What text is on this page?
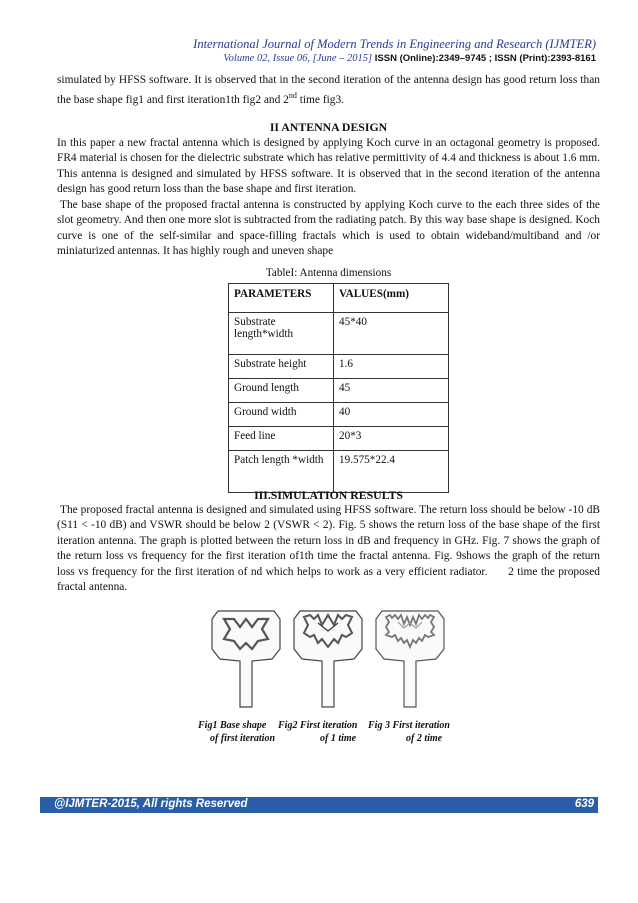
International Journal of Modern Trends in Engineering and Research (IJMTER)
Volume 02, Issue 06, [June – 2015] ISSN (Online):2349–9745 ; ISSN (Print):2393-8161

simulated by HFSS software. It is observed that in the second iteration of the antenna design has good return loss than the base shape fig1 and first iteration1th fig2 and 2nd time fig3.

II ANTENNA DESIGN

In this paper a new fractal antenna which is designed by applying Koch curve in an octagonal geometry is proposed. FR4 material is chosen for the dielectric substrate which has relative permittivity of 4.4 and thickness is about 1.6 mm. This antenna is designed and simulated by HFSS software. It is observed that in the second iteration of the antenna design has good return loss than the base shape and first iteration.

The base shape of the proposed fractal antenna is constructed by applying Koch curve to the each three sides of the slot geometry. And then one more slot is subtracted from the radiating patch. By this way base shape is designed. Koch curve is one of the self-similar and space-filling fractals which is used to obtain wideband/multiband and /or miniaturized antennas. It has highly rough and uneven shape

TableI: Antenna dimensions
PARAMETERS	VALUES(mm)
Substrate length*width	45*40
Substrate height	1.6
Ground length	45
Ground width	40
Feed line	20*3
Patch length *width	19.575*22.4
III.SIMULATION RESULTS

The proposed fractal antenna is designed and simulated using HFSS software. The return loss should be below -10 dB (S11 < -10 dB) and VSWR should be below 2 (VSWR < 2). Fig. 5 shows the return loss of the base shape of the first iteration antenna. The graph is plotted between the return loss in dB and frequency in GHz. Fig. 7 shows the graph of the return loss vs frequency for the first iteration of1th time the fractal antenna. Fig. 9shows the graph of the return loss vs frequency for the first iteration of nd which helps to work as a very efficient radiator. 2 time the proposed fractal antenna.

Fig1 Base shape	Fig2 First iteration	Fig 3 First iteration
of first iteration	of 1 time	of 2 time
@IJMTER-2015, All rights Reserved	639
